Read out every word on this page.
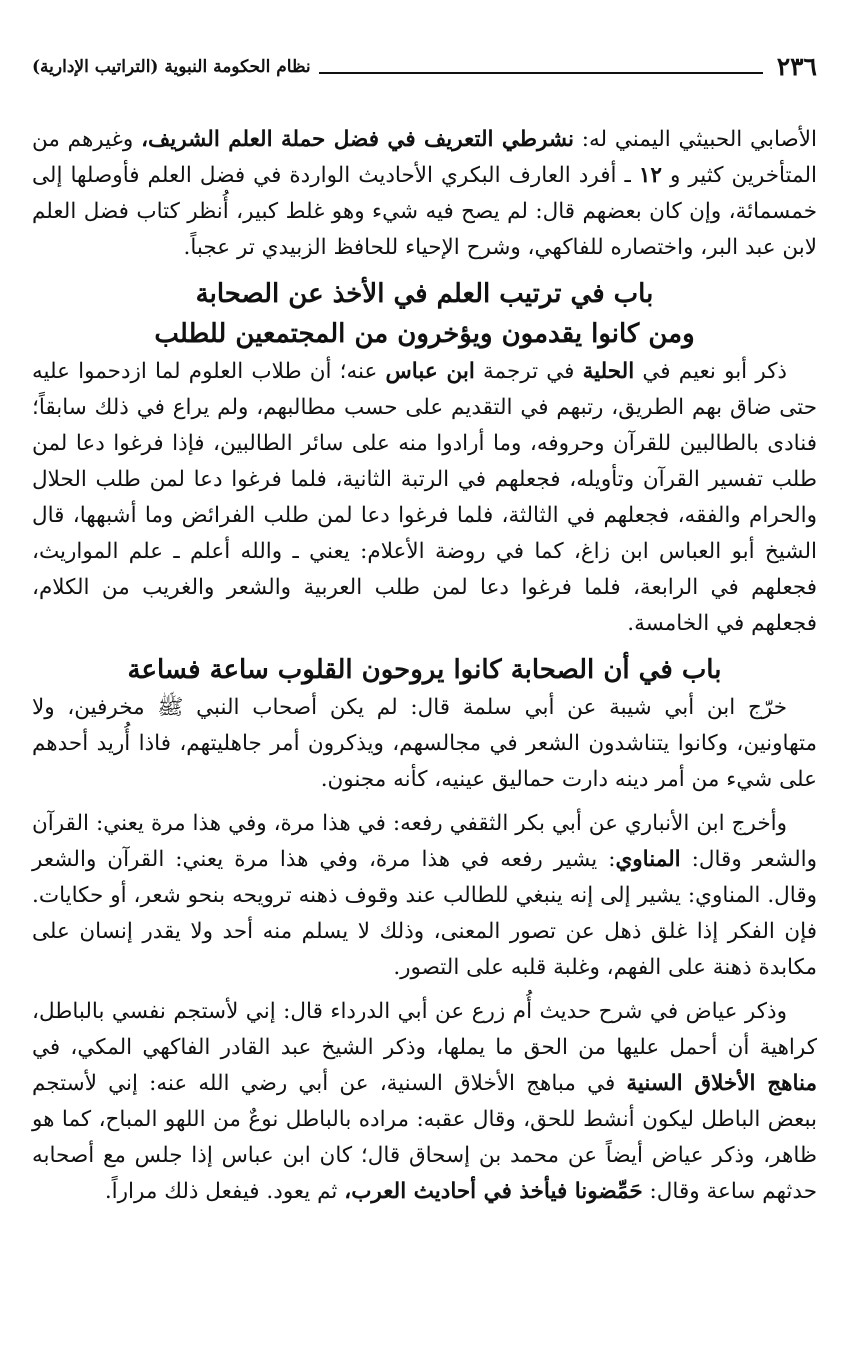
٢٣٦
نظام الحكومة النبوية (التراتيب الإدارية)

الأصابي الحبيثي اليمني له: نشرطي التعريف في فضل حملة العلم الشريف، وغيرهم من المتأخرين كثير و ١٢ ـ أفرد العارف البكري الأحاديث الواردة في فضل العلم فأوصلها إلى خمسمائة، وإن كان بعضهم قال: لم يصح فيه شيء وهو غلط كبير، أُنظر كتاب فضل العلم لابن عبد البر، واختصاره للفاكهي، وشرح الإحياء للحافظ الزبيدي تر عجباً.

باب في ترتيب العلم في الأخذ عن الصحابة
ومن كانوا يقدمون ويؤخرون من المجتمعين للطلب

ذكر أبو نعيم في الحلية في ترجمة ابن عباس عنه؛ أن طلاب العلوم لما ازدحموا عليه حتى ضاق بهم الطريق، رتبهم في التقديم على حسب مطالبهم، ولم يراع في ذلك سابقاً؛ فنادى بالطالبين للقرآن وحروفه، وما أرادوا منه على سائر الطالبين، فإذا فرغوا دعا لمن طلب تفسير القرآن وتأويله، فجعلهم في الرتبة الثانية، فلما فرغوا دعا لمن طلب الحلال والحرام والفقه، فجعلهم في الثالثة، فلما فرغوا دعا لمن طلب الفرائض وما أشبهها، قال الشيخ أبو العباس ابن زاغ، كما في روضة الأعلام: يعني ـ والله أعلم ـ علم المواريث، فجعلهم في الرابعة، فلما فرغوا دعا لمن طلب العربية والشعر والغريب من الكلام، فجعلهم في الخامسة.

باب في أن الصحابة كانوا يروحون القلوب ساعة فساعة

خرّج ابن أبي شيبة عن أبي سلمة قال: لم يكن أصحاب النبي ﷺ مخرفين، ولا متهاونين، وكانوا يتناشدون الشعر في مجالسهم، ويذكرون أمر جاهليتهم، فاذا أُريد أحدهم على شيء من أمر دينه دارت حماليق عينيه، كأنه مجنون.

وأخرج ابن الأنباري عن أبي بكر الثقفي رفعه: في هذا مرة، وفي هذا مرة يعني: القرآن والشعر وقال: المناوي: يشير رفعه في هذا مرة، وفي هذا مرة يعني: القرآن والشعر وقال. المناوي: يشير إلى إنه ينبغي للطالب عند وقوف ذهنه ترويحه بنحو شعر، أو حكايات. فإن الفكر إذا غلق ذهل عن تصور المعنى، وذلك لا يسلم منه أحد ولا يقدر إنسان على مكابدة ذهنة على الفهم، وغلبة قلبه على التصور.

وذكر عياض في شرح حديث أُم زرع عن أبي الدرداء قال: إني لأستجم نفسي بالباطل، كراهية أن أحمل عليها من الحق ما يملها، وذكر الشيخ عبد القادر الفاكهي المكي، في مناهج الأخلاق السنية في مباهج الأخلاق السنية، عن أبي رضي الله عنه: إني لأستجم ببعض الباطل ليكون أنشط للحق، وقال عقبه: مراده بالباطل نوعٌ من اللهو المباح، كما هو ظاهر، وذكر عياض أيضاً عن محمد بن إسحاق قال؛ كان ابن عباس إذا جلس مع أصحابه حدثهم ساعة وقال: حَمِّضونا فيأخذ في أحاديث العرب، ثم يعود. فيفعل ذلك مراراً.
